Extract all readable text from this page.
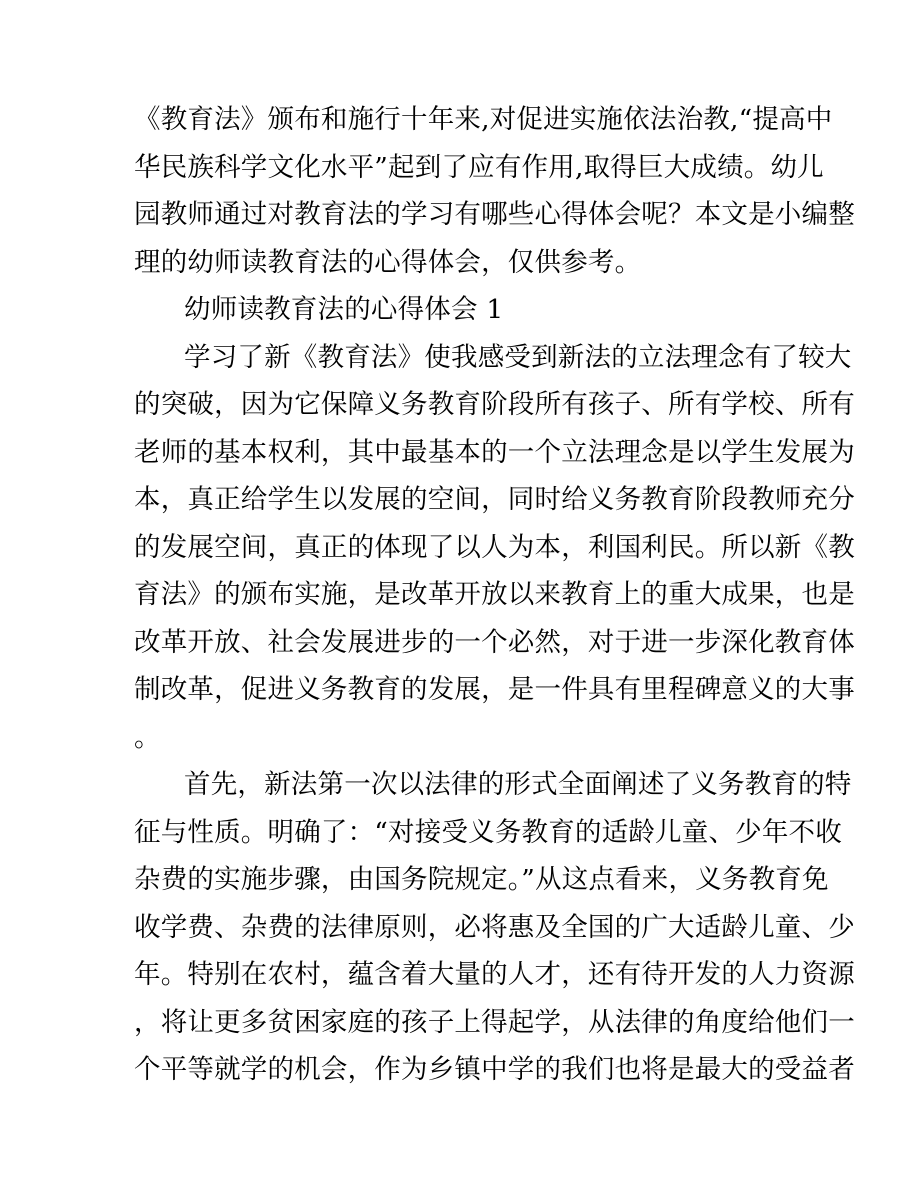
《教育法》颁布和施行十年来,对促进实施依法治教,“提高中
华民族科学文化水平”起到了应有作用,取得巨大成绩。幼儿
园教师通过对教育法的学习有哪些心得体会呢？本文是小编整
理的幼师读教育法的心得体会，仅供参考。
幼师读教育法的心得体会 1
学习了新《教育法》使我感受到新法的立法理念有了较大
的突破，因为它保障义务教育阶段所有孩子、所有学校、所有
老师的基本权利，其中最基本的一个立法理念是以学生发展为
本，真正给学生以发展的空间，同时给义务教育阶段教师充分
的发展空间，真正的体现了以人为本，利国利民。所以新《教
育法》的颁布实施，是改革开放以来教育上的重大成果，也是
改革开放、社会发展进步的一个必然，对于进一步深化教育体
制改革，促进义务教育的发展，是一件具有里程碑意义的大事
。
首先，新法第一次以法律的形式全面阐述了义务教育的特
征与性质。明确了：“对接受义务教育的适龄儿童、少年不收
杂费的实施步骤，由国务院规定。”从这点看来，义务教育免
收学费、杂费的法律原则，必将惠及全国的广大适龄儿童、少
年。特别在农村，蕴含着大量的人才，还有待开发的人力资源
，将让更多贫困家庭的孩子上得起学，从法律的角度给他们一
个平等就学的机会，作为乡镇中学的我们也将是最大的受益者
